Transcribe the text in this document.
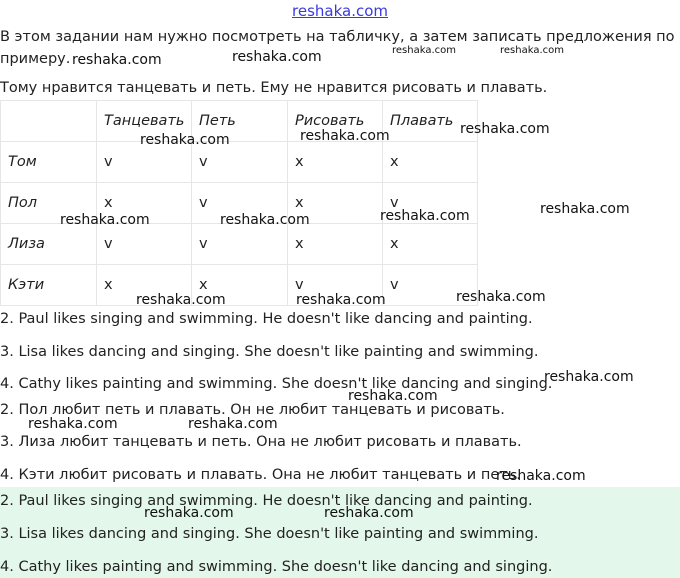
reshaka.com
В этом задании нам нужно посмотреть на табличку, а затем записать предложения по примеру.
Тому нравится танцевать и петь. Ему не нравится рисовать и плавать.
	Танцевать	Петь	Рисовать	Плавать
Том	v	v	x	x
Пол	x	v	x	v
Лиза	v	v	x	x
Кэти	x	x	v	v
2. Paul likes singing and swimming. He doesn't like dancing and painting.
3. Lisa likes dancing and singing. She doesn't like painting and swimming.
4. Cathy likes painting and swimming. She doesn't like dancing and singing.
2. Пол любит петь и плавать. Он не любит танцевать и рисовать.
3. Лиза любит танцевать и петь. Она не любит рисовать и плавать.
4. Кэти любит рисовать и плавать. Она не любит танцевать и петь.
2. Paul likes singing and swimming. He doesn't like dancing and painting.
3. Lisa likes dancing and singing. She doesn't like painting and swimming.
4. Cathy likes painting and swimming. She doesn't like dancing and singing.
reshaka.com	reshaka.com	reshaka.com	reshaka.com
reshaka.com
reshaka.com	reshaka.com
reshaka.com
reshaka.com	reshaka.com	reshaka.com
reshaka.com
reshaka.com	reshaka.com
reshaka.com
reshaka.com
reshaka.com	reshaka.com
reshaka.com
reshaka.com	reshaka.com
